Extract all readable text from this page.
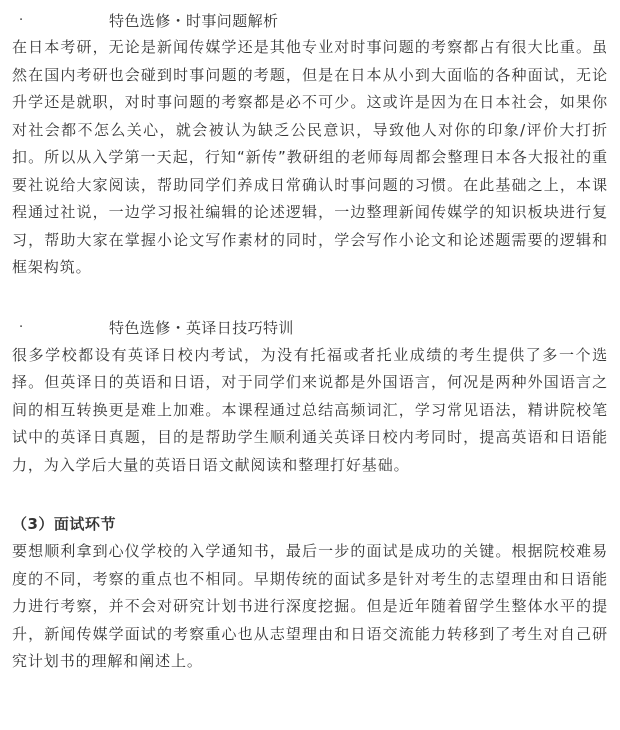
·	特色选修・时事问题解析

在日本考研，无论是新闻传媒学还是其他专业对时事问题的考察都占有很大比重。虽然在国内考研也会碰到时事问题的考题，但是在日本从小到大面临的各种面试，无论升学还是就职，对时事问题的考察都是必不可少。这或许是因为在日本社会，如果你对社会都不怎么关心，就会被认为缺乏公民意识，导致他人对你的印象/评价大打折扣。所以从入学第一天起，行知“新传”教研组的老师每周都会整理日本各大报社的重要社说给大家阅读，帮助同学们养成日常确认时事问题的习惯。在此基础之上，本课程通过社说，一边学习报社编辑的论述逻辑，一边整理新闻传媒学的知识板块进行复习，帮助大家在掌握小论文写作素材的同时，学会写作小论文和论述题需要的逻辑和框架构筑。

·	特色选修・英译日技巧特训

很多学校都设有英译日校内考试，为没有托福或者托业成绩的考生提供了多一个选择。但英译日的英语和日语，对于同学们来说都是外国语言，何况是两种外国语言之间的相互转换更是难上加难。本课程通过总结高频词汇，学习常见语法，精讲院校笔试中的英译日真题，目的是帮助学生顺利通关英译日校内考同时，提高英语和日语能力，为入学后大量的英语日语文献阅读和整理打好基础。

（3）面试环节

要想顺利拿到心仪学校的入学通知书，最后一步的面试是成功的关键。根据院校难易度的不同，考察的重点也不相同。早期传统的面试多是针对考生的志望理由和日语能力进行考察，并不会对研究计划书进行深度挖掘。但是近年随着留学生整体水平的提升，新闻传媒学面试的考察重心也从志望理由和日语交流能力转移到了考生对自己研究计划书的理解和阐述上。
